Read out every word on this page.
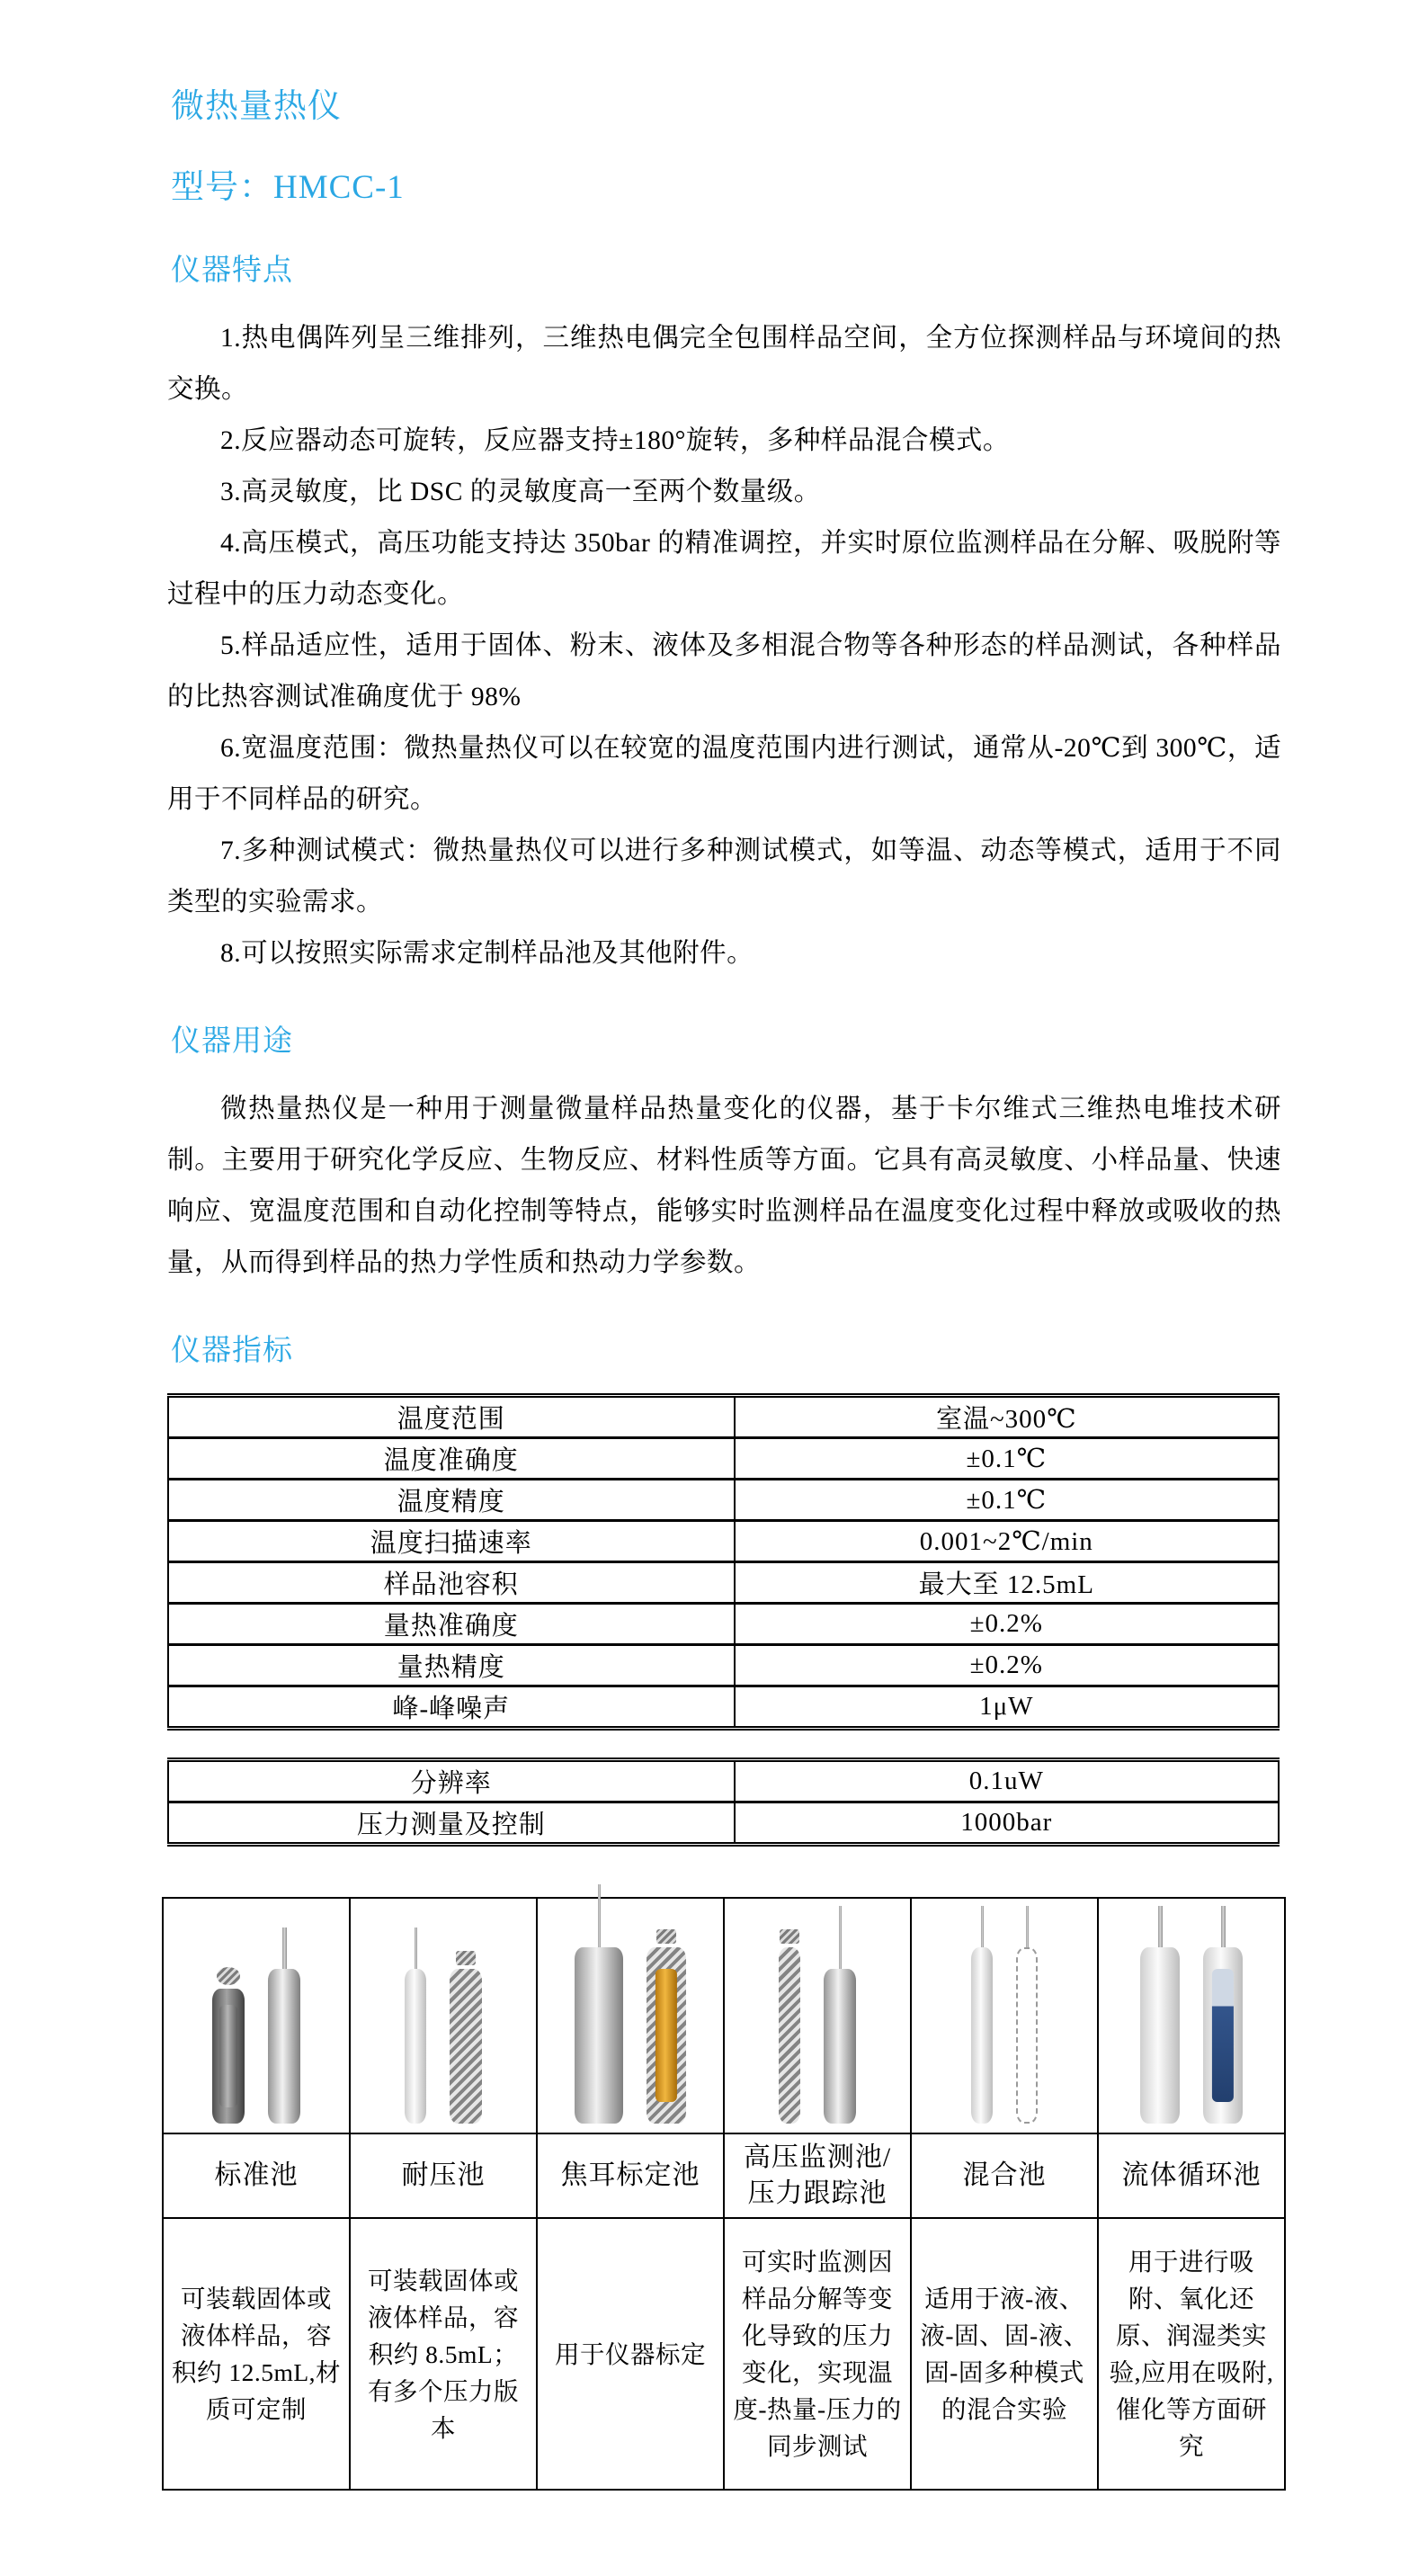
微热量热仪
型号：HMCC-1
仪器特点

1.热电偶阵列呈三维排列，三维热电偶完全包围样品空间，全方位探测样品与环境间的热交换。

2.反应器动态可旋转，反应器支持±180°旋转，多种样品混合模式。

3.高灵敏度，比 DSC 的灵敏度高一至两个数量级。

4.高压模式，高压功能支持达 350bar 的精准调控，并实时原位监测样品在分解、吸脱附等过程中的压力动态变化。

5.样品适应性，适用于固体、粉末、液体及多相混合物等各种形态的样品测试，各种样品的比热容测试准确度优于 98%

6.宽温度范围：微热量热仪可以在较宽的温度范围内进行测试，通常从-20℃到 300℃，适用于不同样品的研究。

7.多种测试模式：微热量热仪可以进行多种测试模式，如等温、动态等模式，适用于不同类型的实验需求。

8.可以按照实际需求定制样品池及其他附件。

仪器用途

微热量热仪是一种用于测量微量样品热量变化的仪器，基于卡尔维式三维热电堆技术研制。主要用于研究化学反应、生物反应、材料性质等方面。它具有高灵敏度、小样品量、快速响应、宽温度范围和自动化控制等特点，能够实时监测样品在温度变化过程中释放或吸收的热量，从而得到样品的热力学性质和热动力学参数。

仪器指标
温度范围	室温~300℃
温度准确度	±0.1℃
温度精度	±0.1℃
温度扫描速率	0.001~2℃/min
样品池容积	最大至 12.5mL
量热准确度	±0.2%
量热精度	±0.2%
峰-峰噪声	1μW
分辨率	0.1uW
压力测量及控制	1000bar

标准池	耐压池	焦耳标定池	高压监测池/压力跟踪池	混合池	流体循环池
可装载固体或液体样品，容积约 12.5mL,材质可定制	可装载固体或液体样品，容积约 8.5mL；有多个压力版本	用于仪器标定	可实时监测因样品分解等变化导致的压力变化，实现温度-热量-压力的同步测试	适用于液-液、液-固、固-液、固-固多种模式的混合实验	用于进行吸附、氧化还原、润湿类实验,应用在吸附,催化等方面研究
